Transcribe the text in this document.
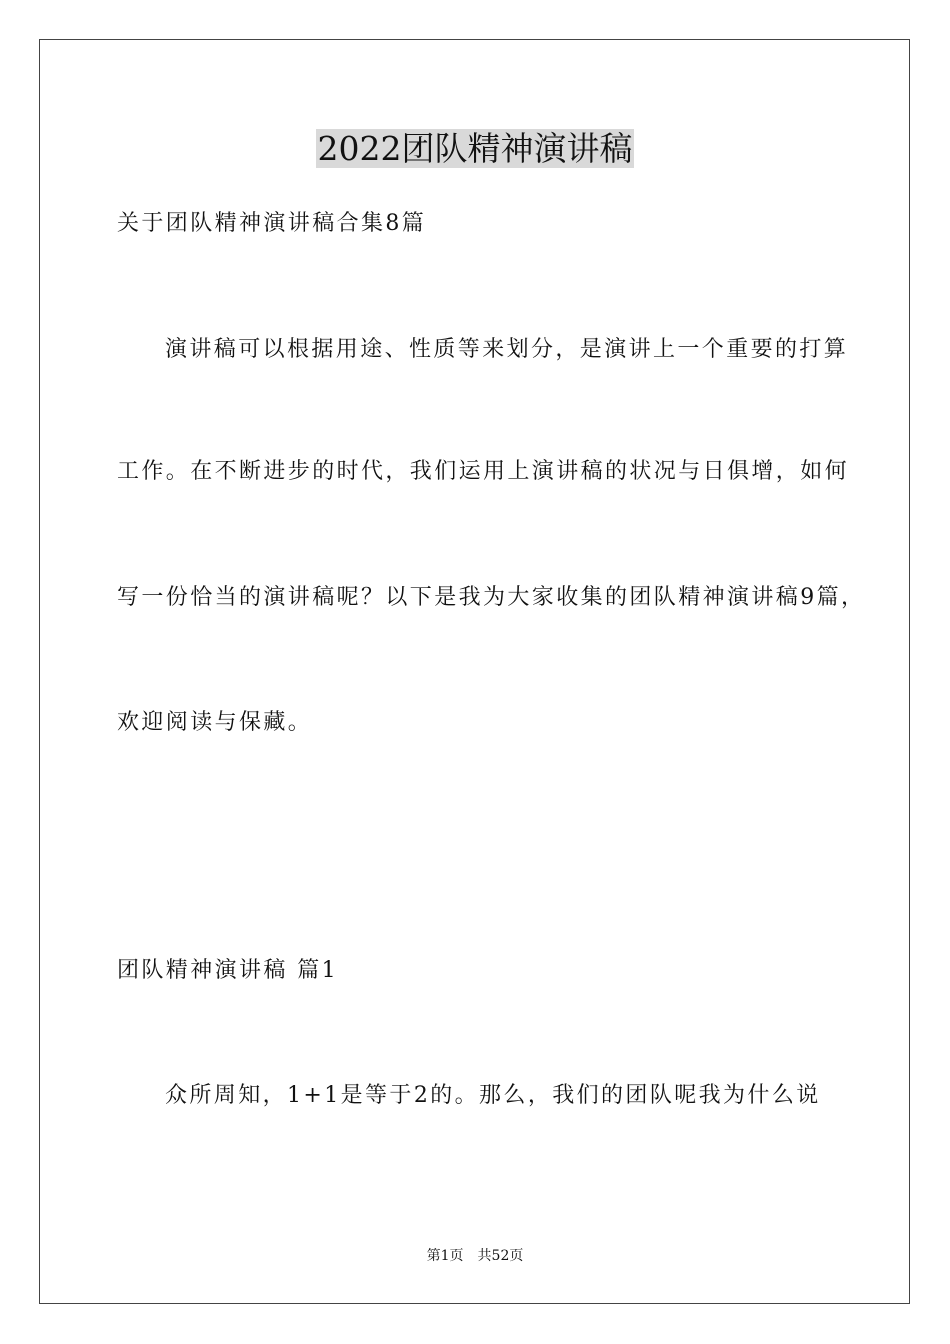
2022团队精神演讲稿
关于团队精神演讲稿合集8篇
演讲稿可以根据用途、性质等来划分，是演讲上一个重要的打算
工作。在不断进步的时代，我们运用上演讲稿的状况与日俱增，如何
写一份恰当的演讲稿呢？以下是我为大家收集的团队精神演讲稿9篇，
欢迎阅读与保藏。
团队精神演讲稿 篇1
众所周知，1+1是等于2的。那么，我们的团队呢我为什么说
第1页　共52页
